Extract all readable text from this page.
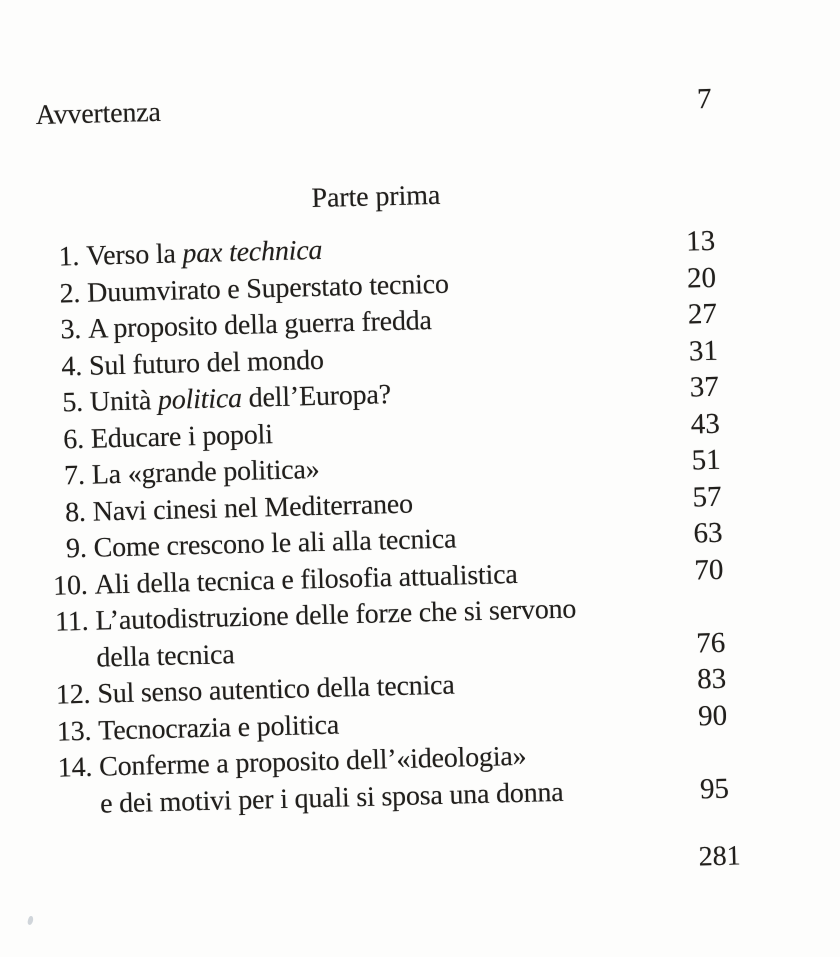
Avvertenza	7
Parte prima
1. Verso la pax technica	13
2. Duumvirato e Superstato tecnico	20
3. A proposito della guerra fredda	27
4. Sul futuro del mondo	31
5. Unità politica dell’Europa?	37
6. Educare i popoli	43
7. La «grande politica»	51
8. Navi cinesi nel Mediterraneo	57
9. Come crescono le ali alla tecnica	63
10. Ali della tecnica e filosofia attualistica	70
11. L’autodistruzione delle forze che si servono
della tecnica	76
12. Sul senso autentico della tecnica	83
13. Tecnocrazia e politica	90
14. Conferme a proposito dell’«ideologia»
e dei motivi per i quali si sposa una donna	95
281
